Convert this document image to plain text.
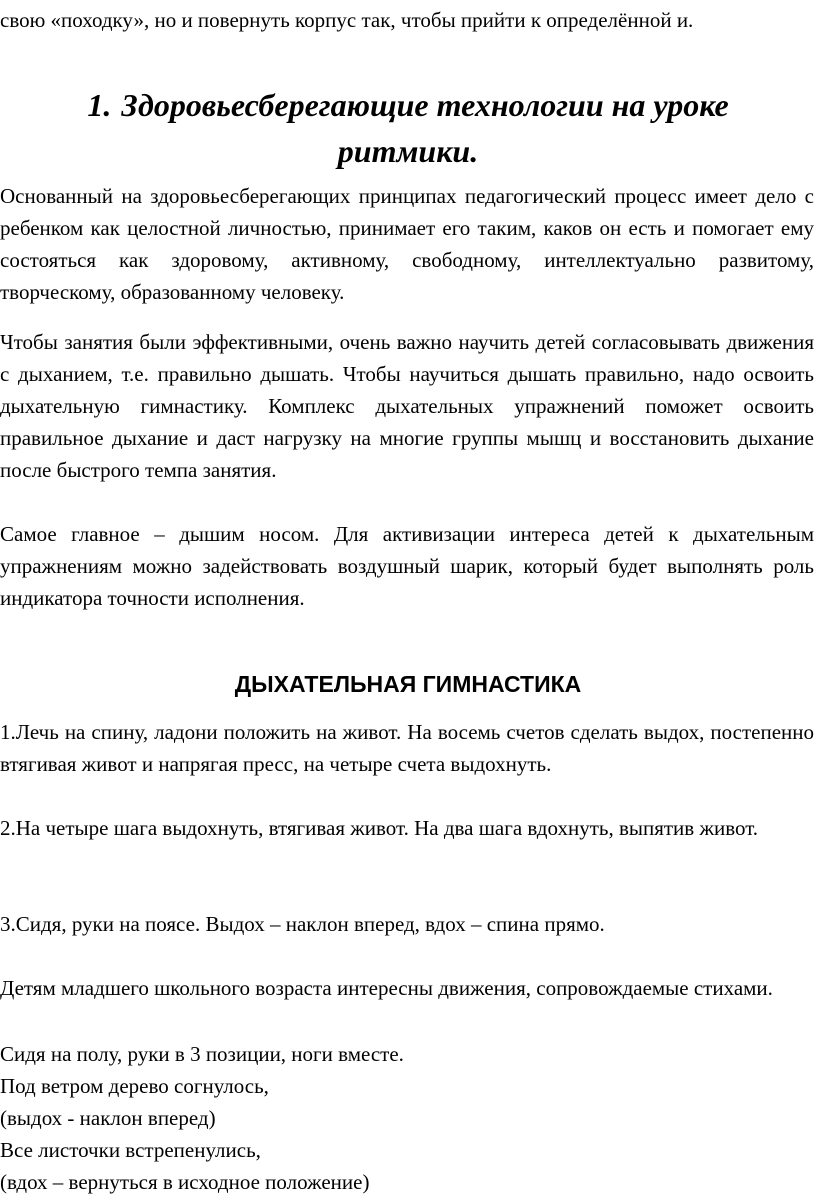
свою «походку», но и повернуть корпус так, чтобы прийти к определённой и.

1. Здоровьесберегающие технологии на уроке
ритмики.

Основанный на здоровьесберегающих принципах педагогический процесс имеет дело с ребенком как целостной личностью, принимает его таким, каков он есть и помогает ему состояться как здоровому, активному, свободному, интеллектуально развитому, творческому, образованному человеку.

Чтобы занятия были эффективными, очень важно научить детей согласовывать движения с дыханием, т.е. правильно дышать. Чтобы научиться дышать правильно, надо освоить дыхательную гимнастику. Комплекс дыхательных упражнений поможет освоить правильное дыхание и даст нагрузку на многие группы мышц и восстановить дыхание после быстрого темпа занятия.

Самое главное – дышим носом. Для активизации интереса детей к дыхательным упражнениям можно задействовать воздушный шарик, который будет выполнять роль индикатора точности исполнения.

ДЫХАТЕЛЬНАЯ ГИМНАСТИКА

1.Лечь на спину, ладони положить на живот. На восемь счетов сделать выдох, постепенно втягивая живот и напрягая пресс, на четыре счета выдохнуть.

2.На четыре шага выдохнуть, втягивая живот. На два шага вдохнуть, выпятив живот.

3.Сидя, руки на поясе. Выдох – наклон вперед, вдох – спина прямо.

Детям младшего школьного возраста интересны движения, сопровождаемые стихами.

Сидя на полу, руки в 3 позиции, ноги вместе.

Под ветром дерево согнулось,

(выдох - наклон вперед)

Все листочки встрепенулись,

(вдох – вернуться в исходное положение)
